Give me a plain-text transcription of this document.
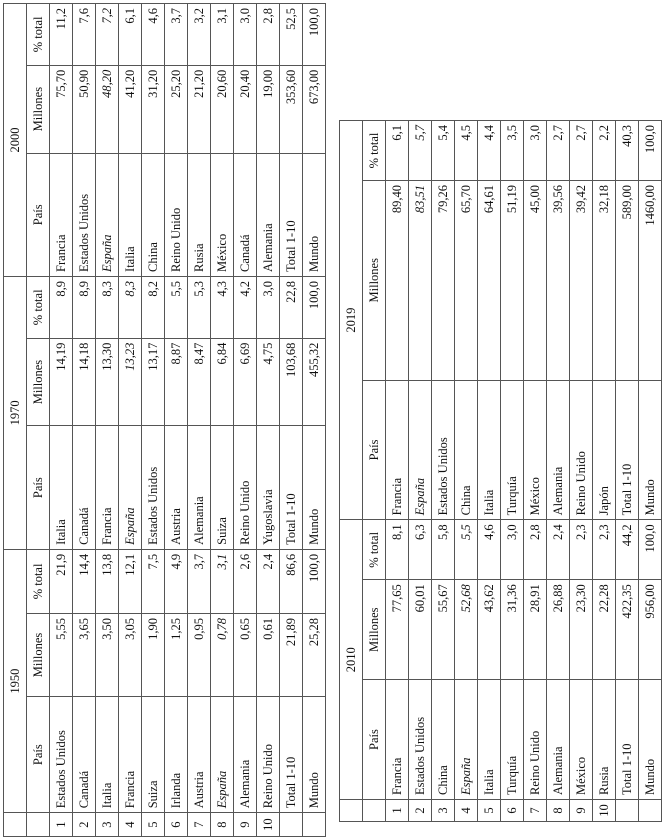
	1950			1970			2000		
	País	Millones	% total	País	Millones	% total	País	Millones	% total
1	Estados Unidos	5,55	21,9	Italia	14,19	8,9	Francia	75,70	11,2
2	Canadá	3,65	14,4	Canadá	14,18	8,9	Estados Unidos	50,90	7,6
3	Italia	3,50	13,8	Francia	13,30	8,3	España	48,20	7,2
4	Francia	3,05	12,1	España	13,23	8,3	Italia	41,20	6,1
5	Suiza	1,90	7,5	Estados Unidos	13,17	8,2	China	31,20	4,6
6	Irlanda	1,25	4,9	Austria	8,87	5,5	Reino Unido	25,20	3,7
7	Austria	0,95	3,7	Alemania	8,47	5,3	Rusia	21,20	3,2
8	España	0,78	3,1	Suiza	6,84	4,3	México	20,60	3,1
9	Alemania	0,65	2,6	Reino Unido	6,69	4,2	Canadá	20,40	3,0
10	Reino Unido	0,61	2,4	Yugoslavia	4,75	3,0	Alemania	19,00	2,8
	Total 1-10	21,89	86,6	Total 1-10	103,68	22,8	Total 1-10	353,60	52,5
	Mundo	25,28	100,0	Mundo	455,32	100,0	Mundo	673,00	100,0
	2010			2019		
	País	Millones	% total	País	Millones	% total
1	Francia	77,65	8,1	Francia	89,40	6,1
2	Estados Unidos	60,01	6,3	España	83,51	5,7
3	China	55,67	5,8	Estados Unidos	79,26	5,4
4	España	52,68	5,5	China	65,70	4,5
5	Italia	43,62	4,6	Italia	64,61	4,4
6	Turquía	31,36	3,0	Turquía	51,19	3,5
7	Reino Unido	28,91	2,8	México	45,00	3,0
8	Alemania	26,88	2,4	Alemania	39,56	2,7
9	México	23,30	2,3	Reino Unido	39,42	2,7
10	Rusia	22,28	2,3	Japón	32,18	2,2
	Total 1-10	422,35	44,2	Total 1-10	589,00	40,3
	Mundo	956,00	100,0	Mundo	1460,00	100,0
